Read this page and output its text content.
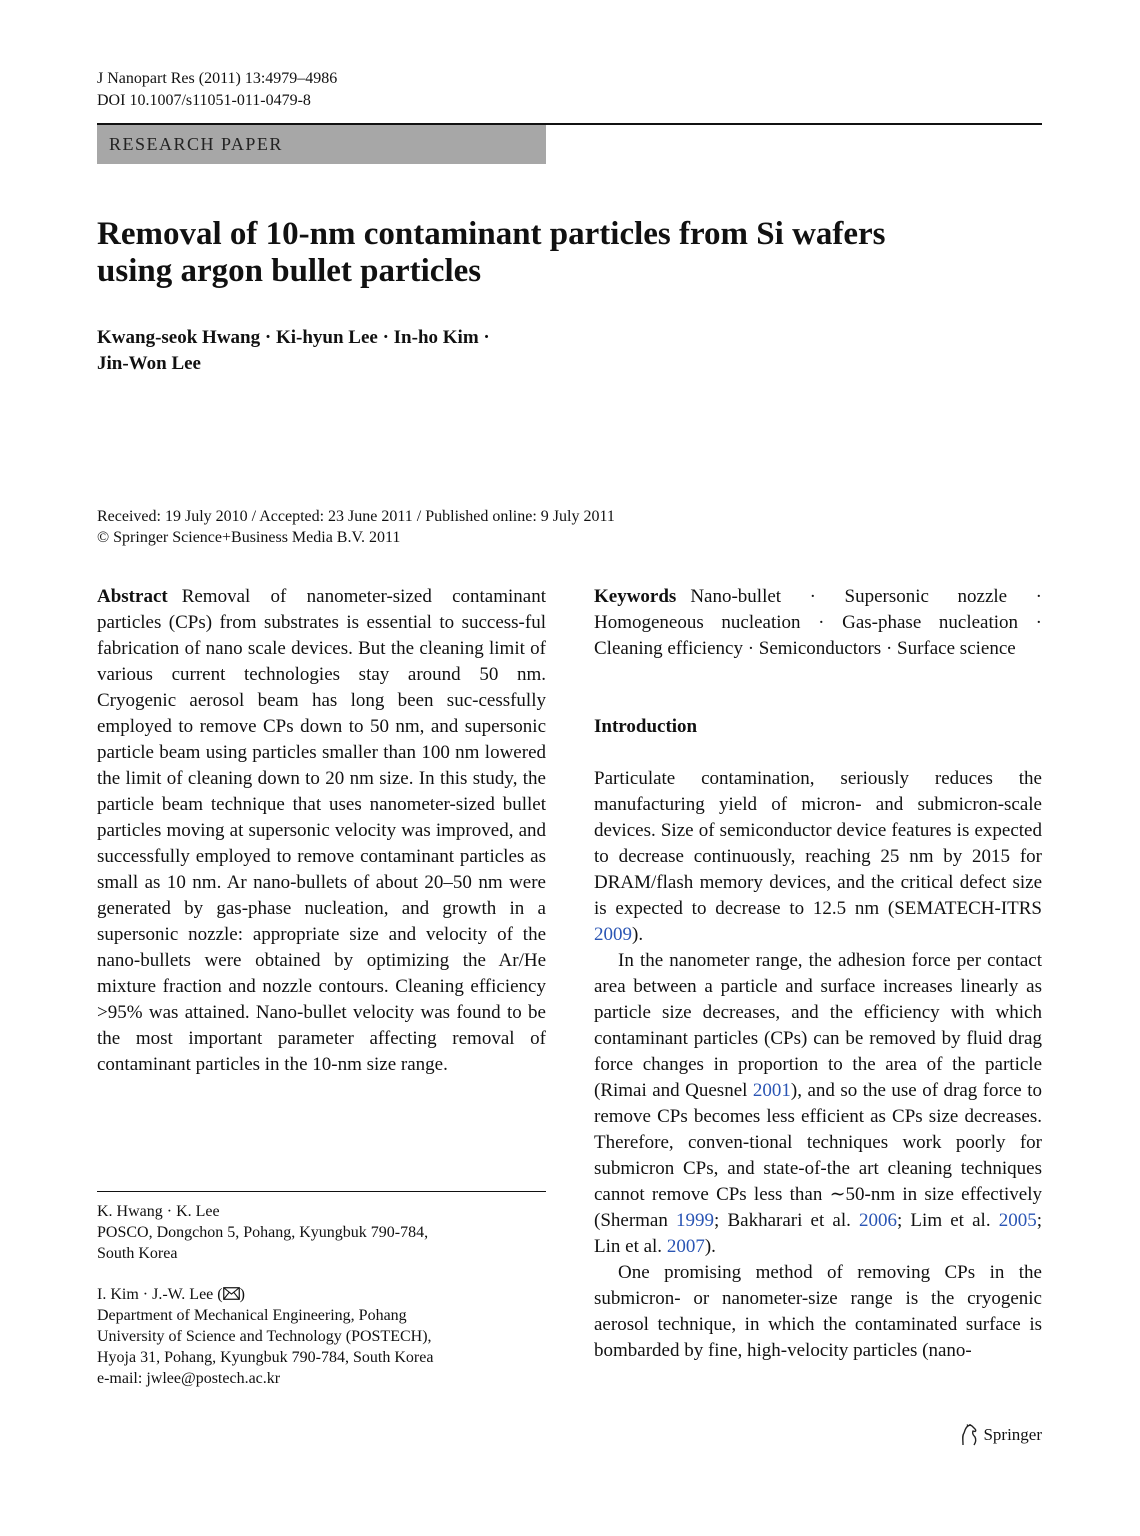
J Nanopart Res (2011) 13:4979–4986
DOI 10.1007/s11051-011-0479-8
RESEARCH PAPER
Removal of 10-nm contaminant particles from Si wafers
using argon bullet particles
Kwang-seok Hwang · Ki-hyun Lee · In-ho Kim ·
Jin-Won Lee
Received: 19 July 2010 / Accepted: 23 June 2011 / Published online: 9 July 2011
© Springer Science+Business Media B.V. 2011

Abstract Removal of nanometer-sized contaminant particles (CPs) from substrates is essential to success-ful fabrication of nano scale devices. But the cleaning limit of various current technologies stay around 50 nm. Cryogenic aerosol beam has long been suc-cessfully employed to remove CPs down to 50 nm, and supersonic particle beam using particles smaller than 100 nm lowered the limit of cleaning down to 20 nm size. In this study, the particle beam technique that uses nanometer-sized bullet particles moving at supersonic velocity was improved, and successfully employed to remove contaminant particles as small as 10 nm. Ar nano-bullets of about 20–50 nm were generated by gas-phase nucleation, and growth in a supersonic nozzle: appropriate size and velocity of the nano-bullets were obtained by optimizing the Ar/He mixture fraction and nozzle contours. Cleaning efficiency >95% was attained. Nano-bullet velocity was found to be the most important parameter affecting removal of contaminant particles in the 10-nm size range.

Keywords Nano-bullet · Supersonic nozzle · Homogeneous nucleation · Gas-phase nucleation · Cleaning efficiency · Semiconductors · Surface science

Introduction

Particulate contamination, seriously reduces the manufacturing yield of micron- and submicron-scale devices. Size of semiconductor device features is expected to decrease continuously, reaching 25 nm by 2015 for DRAM/flash memory devices, and the critical defect size is expected to decrease to 12.5 nm (SEMATECH-ITRS 2009).

In the nanometer range, the adhesion force per contact area between a particle and surface increases linearly as particle size decreases, and the efficiency with which contaminant particles (CPs) can be removed by fluid drag force changes in proportion to the area of the particle (Rimai and Quesnel 2001), and so the use of drag force to remove CPs becomes less efficient as CPs size decreases. Therefore, conven-tional techniques work poorly for submicron CPs, and state-of-the art cleaning techniques cannot remove CPs less than ∼50-nm in size effectively (Sherman 1999; Bakharari et al. 2006; Lim et al. 2005; Lin et al. 2007).

One promising method of removing CPs in the submicron- or nanometer-size range is the cryogenic aerosol technique, in which the contaminated surface is bombarded by fine, high-velocity particles (nano-

K. Hwang · K. Lee
POSCO, Dongchon 5, Pohang, Kyungbuk 790-784,
South Korea
I. Kim · J.-W. Lee ( )
Department of Mechanical Engineering, Pohang
University of Science and Technology (POSTECH),
Hyoja 31, Pohang, Kyungbuk 790-784, South Korea
e-mail: jwlee@postech.ac.kr
Springer
